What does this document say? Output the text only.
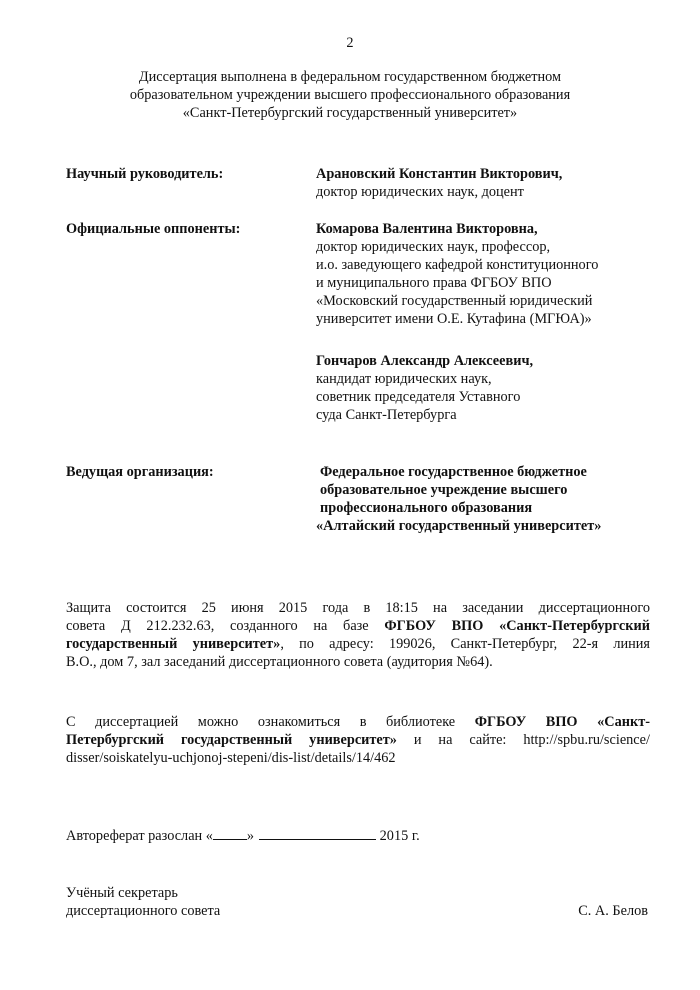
2
Диссертация выполнена в федеральном государственном бюджетном
образовательном учреждении высшего профессионального образования
«Санкт-Петербургский государственный университет»
Научный руководитель:	Арановский Константин Викторович,
доктор юридических наук, доцент
Официальные оппоненты:	Комарова Валентина Викторовна,
доктор юридических наук, профессор,
и.о. заведующего кафедрой конституционного
и муниципального права ФГБОУ ВПО
«Московский государственный юридический
университет имени О.Е. Кутафина (МГЮА)»
Гончаров Александр Алексеевич,
кандидат юридических наук,
советник председателя Уставного
суда Санкт-Петербурга
Ведущая организация:	Федеральное государственное бюджетное
образовательное учреждение высшего
профессионального образования
«Алтайский государственный университет»
Защита состоится 25 июня 2015 года в 18:15 на заседании диссертационного
совета Д 212.232.63, созданного на базе ФГБОУ ВПО «Санкт-Петербургский
государственный университет», по адресу: 199026, Санкт-Петербург, 22-я линия
В.О., дом 7, зал заседаний диссертационного совета (аудитория №64).
С диссертацией можно ознакомиться в библиотеке ФГБОУ ВПО «Санкт-
Петербургский государственный университет» и на сайте: http://spbu.ru/science/
disser/soiskatelyu-uchjonoj-stepeni/dis-list/details/14/462
Автореферат разослан « »	2015 г.
Учёный секретарь
диссертационного совета	С. А. Белов
